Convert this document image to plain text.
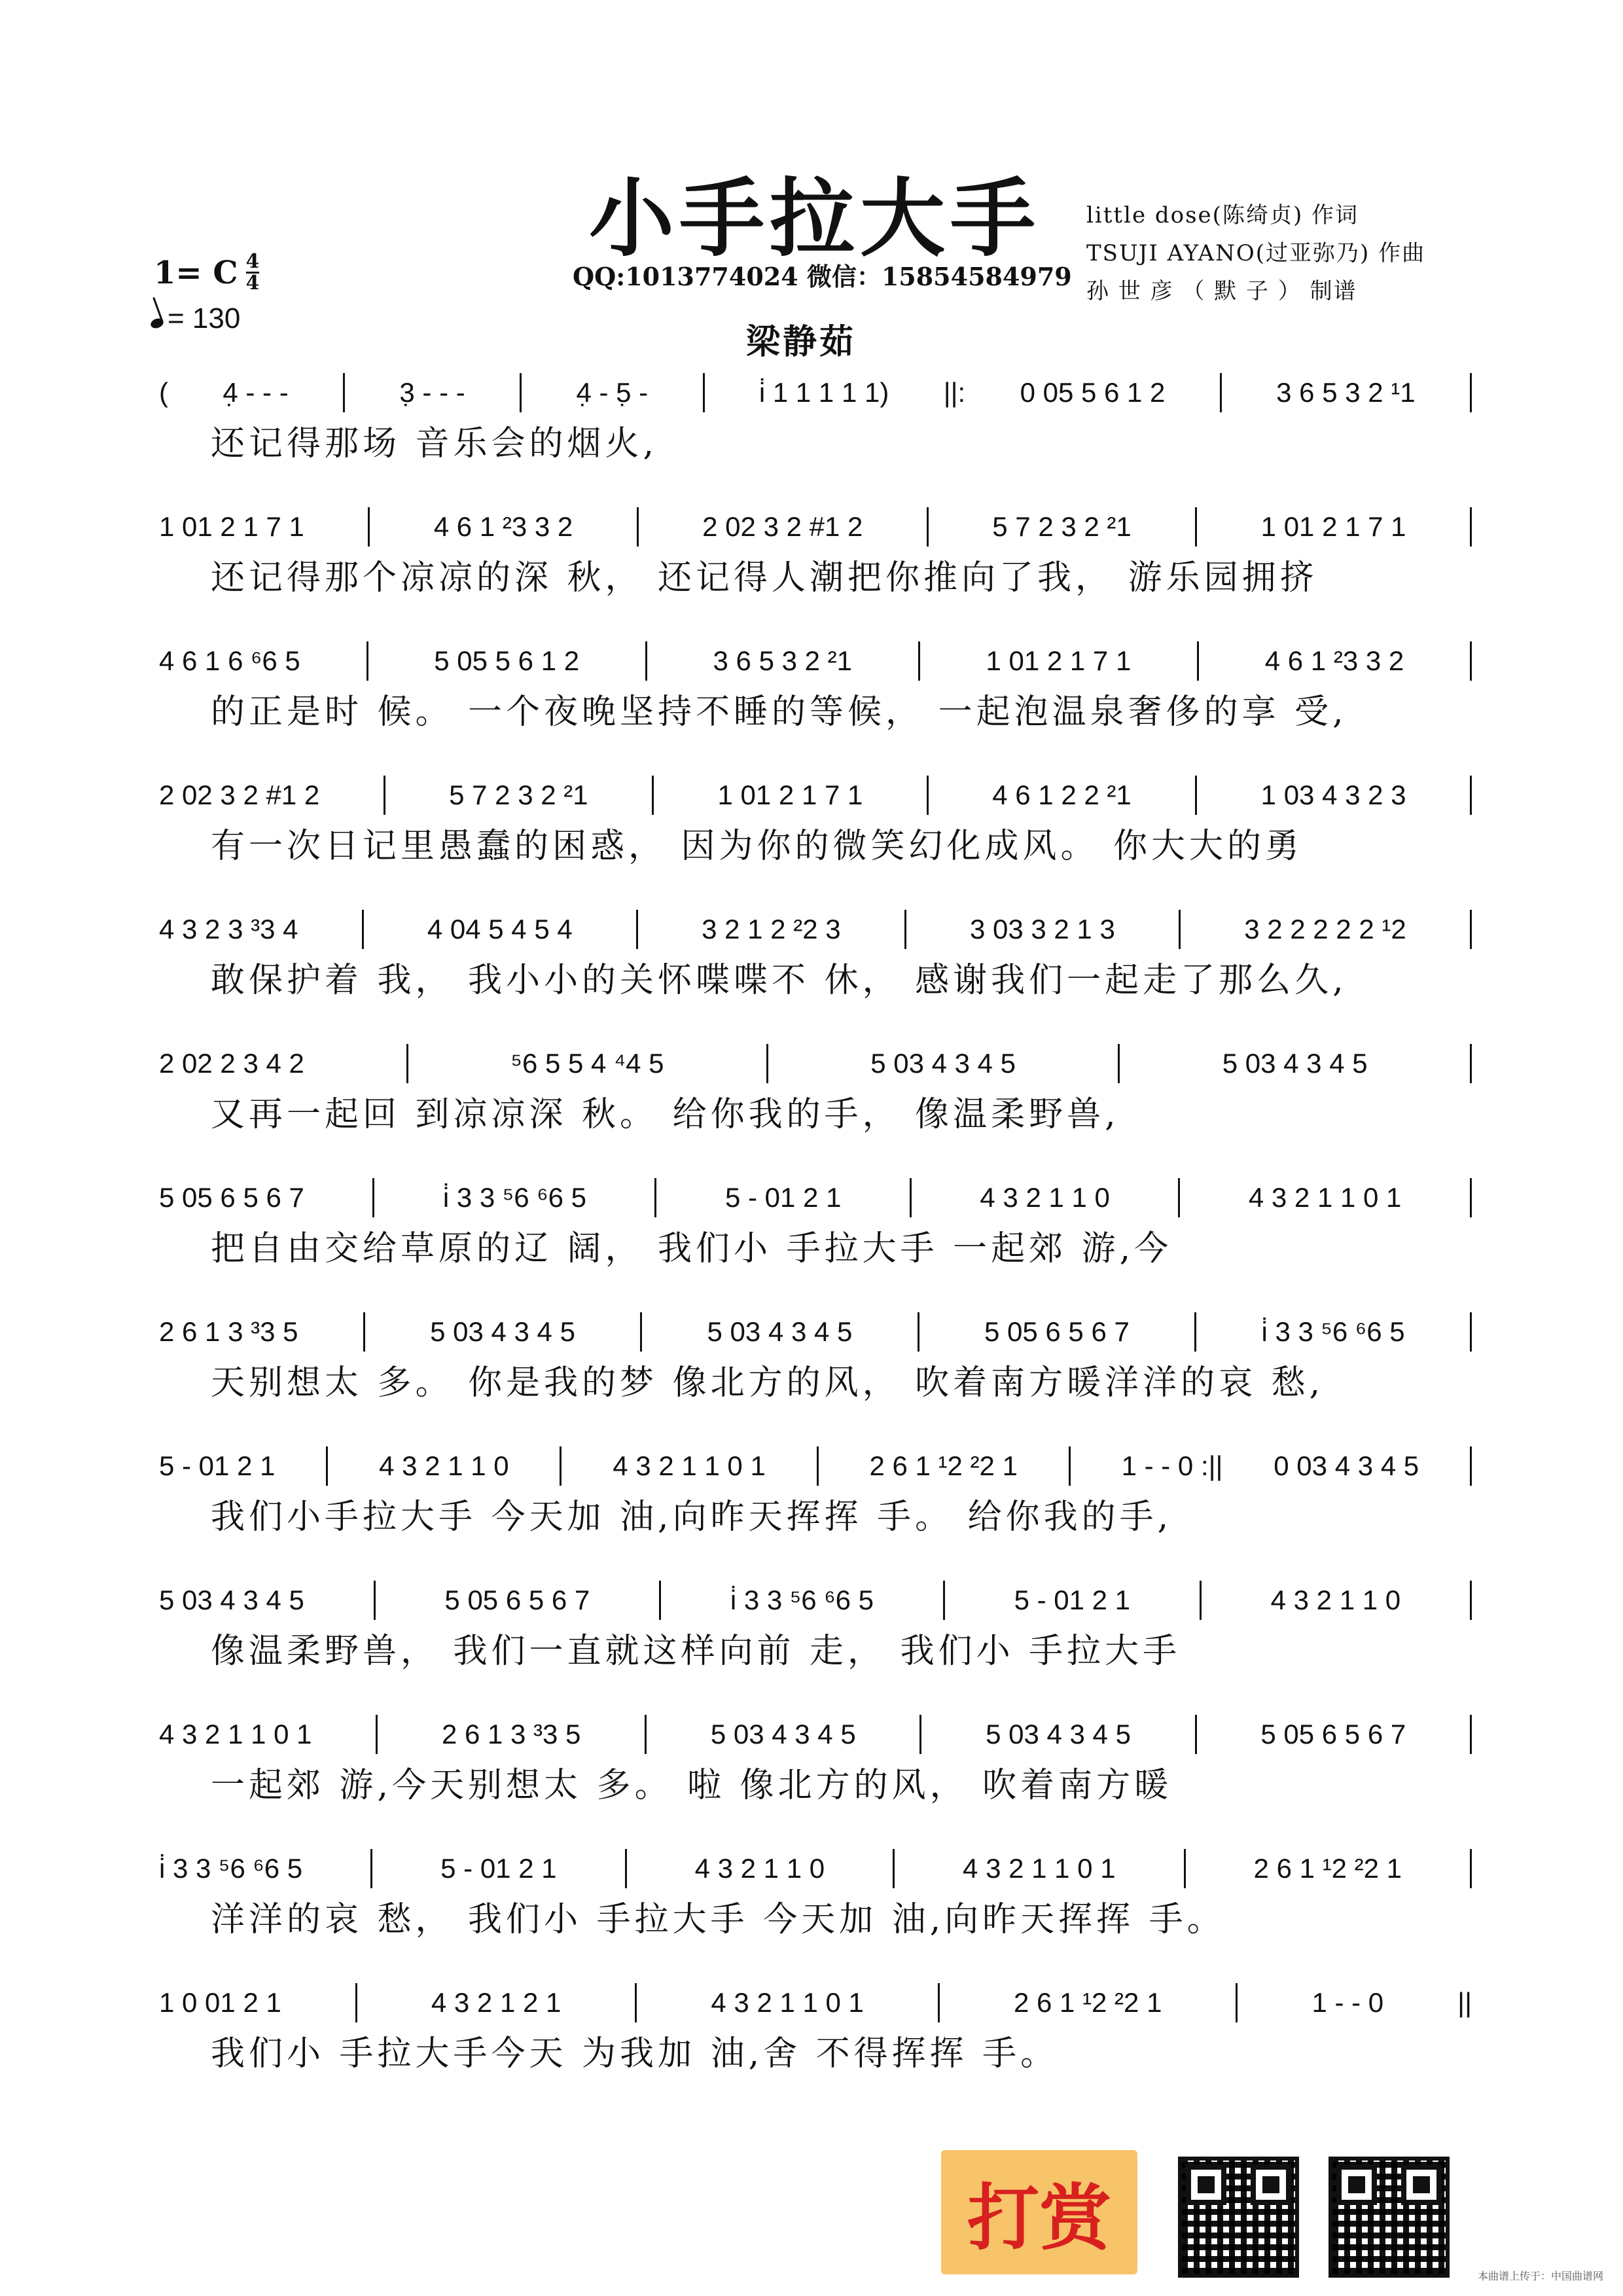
小手拉大手 little dose(陈绮贞) 作词
TSUJI AYANO(过亚弥乃) 作曲
孙 世 彦 （ 默 子 ） 制谱
1= C 4
4
= 130
QQ:1013774024 微信：15854584979
梁静茹
( 4̣ - - -	3̣ - - -	4̣ - 5̣ -	i̇ 1 1 1 1 1) ||: 0 05 5 6 1 2	3 6 5 3 2 ¹1
还记得那场 音乐会的烟火,
1 01 2 1 7 1	4 6 1 ²3 3 2	2 02 3 2 #1 2	5 7 2 3 2 ²1	1 01 2 1 7 1
还记得那个凉凉的深 秋， 还记得人潮把你推向了我， 游乐园拥挤
4 6 1 6 ⁶6 5	5 05 5 6 1 2	3 6 5 3 2 ²1	1 01 2 1 7 1	4 6 1 ²3 3 2
的正是时 候。 一个夜晚坚持不睡的等候， 一起泡温泉奢侈的享 受,
2 02 3 2 #1 2	5 7 2 3 2 ²1	1 01 2 1 7 1	4 6 1 2 2 ²1	1 03 4 3 2 3
有一次日记里愚蠢的困惑， 因为你的微笑幻化成风。 你大大的勇
4 3 2 3 ³3 4	4 04 5 4 5 4	3 2 1 2 ²2 3	3 03 3 2 1 3	3 2 2 2 2 2 ¹2
敢保护着 我， 我小小的关怀喋喋不 休， 感谢我们一起走了那么久,
2 02 2 3 4 2	⁵6 5 5 4 ⁴4 5	5 03 4 3 4 5	5 03 4 3 4 5
又再一起回 到凉凉深 秋。 给你我的手， 像温柔野兽,
5 05 6 5 6 7	i̇ 3 3 ⁵6 ⁶6 5	5 - 01 2 1	4 3 2 1 1 0	4 3 2 1 1 0 1
把自由交给草原的辽 阔， 我们小 手拉大手 一起郊 游,今
2 6 1 3 ³3 5	5 03 4 3 4 5	5 03 4 3 4 5	5 05 6 5 6 7	i̇ 3 3 ⁵6 ⁶6 5
天别想太 多。 你是我的梦 像北方的风， 吹着南方暖洋洋的哀 愁,
5 - 01 2 1	4 3 2 1 1 0	4 3 2 1 1 0 1	2 6 1 ¹2 ²2 1	1 - - 0 :|| 0 03 4 3 4 5
我们小手拉大手 今天加 油,向昨天挥挥 手。 给你我的手,
5 03 4 3 4 5	5 05 6 5 6 7	i̇ 3 3 ⁵6 ⁶6 5	5 - 01 2 1	4 3 2 1 1 0
像温柔野兽， 我们一直就这样向前 走， 我们小 手拉大手
4 3 2 1 1 0 1	2 6 1 3 ³3 5	5 03 4 3 4 5	5 03 4 3 4 5	5 05 6 5 6 7
一起郊 游,今天别想太 多。 啦 像北方的风， 吹着南方暖
i̇ 3 3 ⁵6 ⁶6 5	5 - 01 2 1	4 3 2 1 1 0	4 3 2 1 1 0 1	2 6 1 ¹2 ²2 1
洋洋的哀 愁， 我们小 手拉大手 今天加 油,向昨天挥挥 手。
1 0 01 2 1	4 3 2 1 2 1	4 3 2 1 1 0 1	2 6 1 ¹2 ²2 1	1 - - 0	||
我们小 手拉大手今天 为我加 油,舍 不得挥挥 手。
打赏
本曲谱上传于：中国曲谱网
